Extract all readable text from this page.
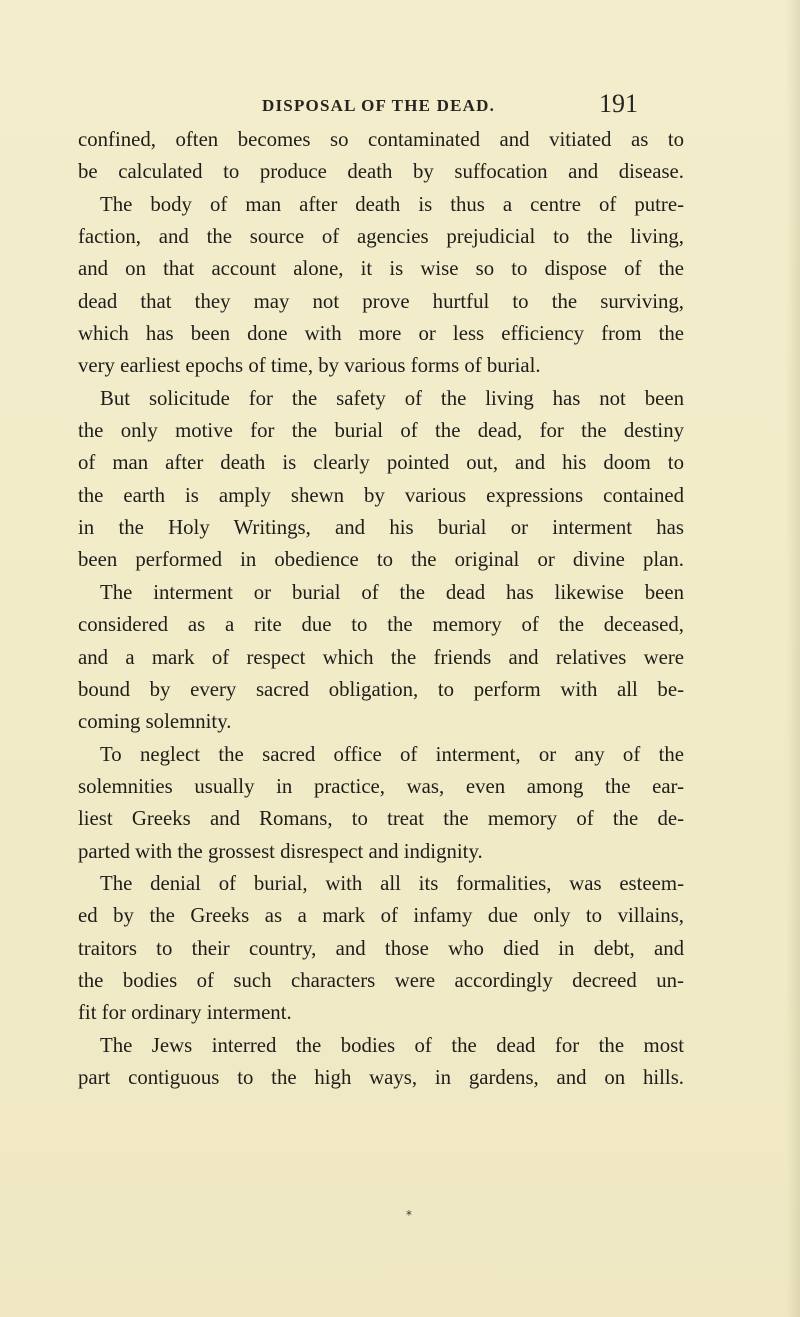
DISPOSAL OF THE DEAD.	191
confined, often becomes so contaminated and vitiated as to
be calculated to produce death by suffocation and disease.
The body of man after death is thus a centre of putre-
faction, and the source of agencies prejudicial to the living,
and on that account alone, it is wise so to dispose of the
dead that they may not prove hurtful to the surviving,
which has been done with more or less efficiency from the
very earliest epochs of time, by various forms of burial.
But solicitude for the safety of the living has not been
the only motive for the burial of the dead, for the destiny
of man after death is clearly pointed out, and his doom to
the earth is amply shewn by various expressions contained
in the Holy Writings, and his burial or interment has
been performed in obedience to the original or divine plan.
The interment or burial of the dead has likewise been
considered as a rite due to the memory of the deceased,
and a mark of respect which the friends and relatives were
bound by every sacred obligation, to perform with all be-
coming solemnity.
To neglect the sacred office of interment, or any of the
solemnities usually in practice, was, even among the ear-
liest Greeks and Romans, to treat the memory of the de-
parted with the grossest disrespect and indignity.
The denial of burial, with all its formalities, was esteem-
ed by the Greeks as a mark of infamy due only to villains,
traitors to their country, and those who died in debt, and
the bodies of such characters were accordingly decreed un-
fit for ordinary interment.
The Jews interred the bodies of the dead for the most
part contiguous to the high ways, in gardens, and on hills.
*
